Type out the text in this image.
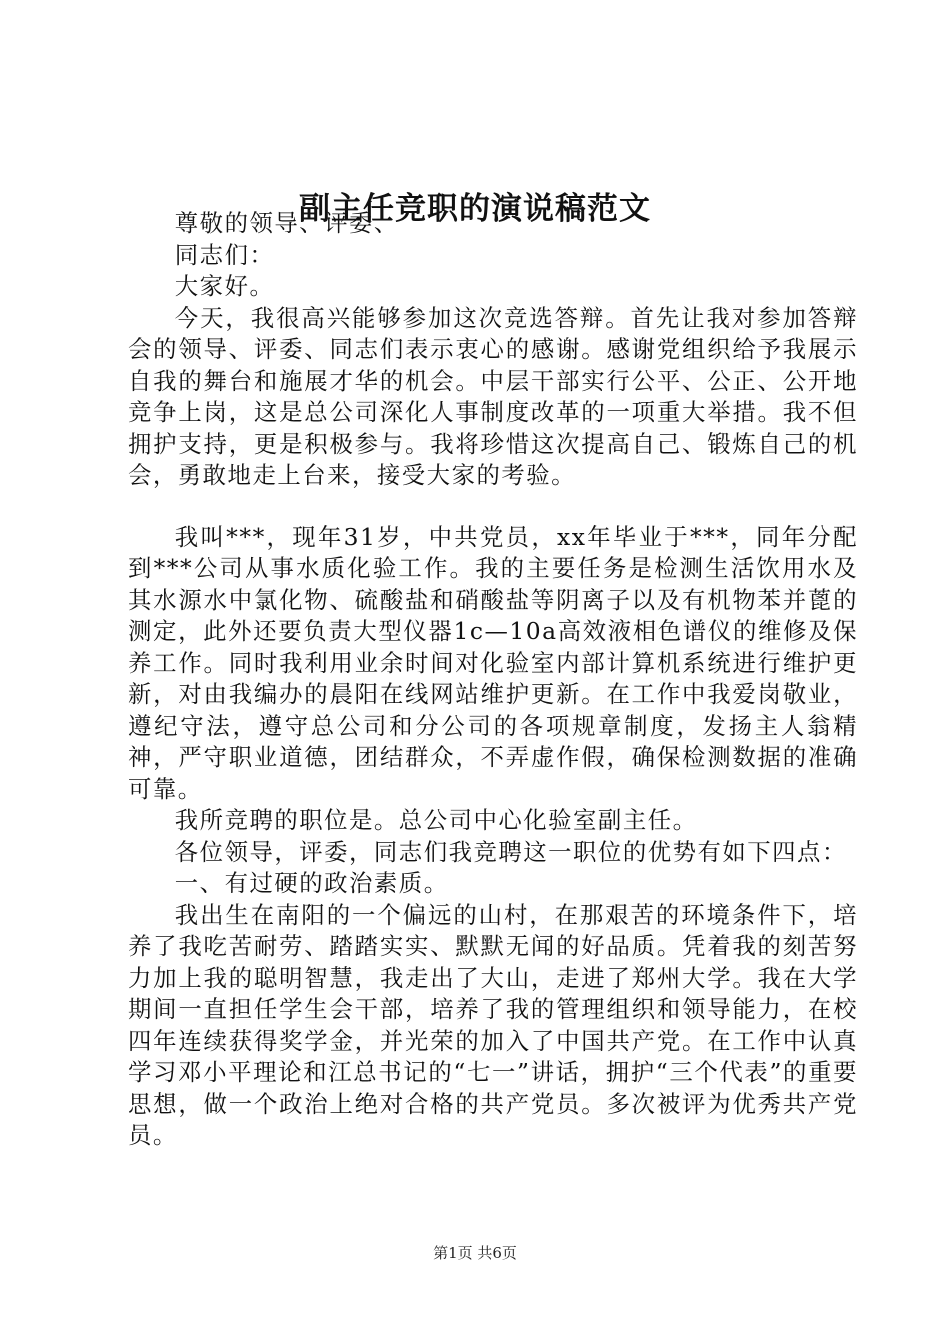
副主任竞职的演说稿范文

尊敬的领导、评委、

同志们：

大家好。

今天，我很高兴能够参加这次竞选答辩。首先让我对参加答辩会的领导、评委、同志们表示衷心的感谢。感谢党组织给予我展示自我的舞台和施展才华的机会。中层干部实行公平、公正、公开地竞争上岗，这是总公司深化人事制度改革的一项重大举措。我不但拥护支持，更是积极参与。我将珍惜这次提高自己、锻炼自己的机会，勇敢地走上台来，接受大家的考验。

我叫***，现年31岁，中共党员，xx年毕业于***，同年分配到***公司从事水质化验工作。我的主要任务是检测生活饮用水及其水源水中氯化物、硫酸盐和硝酸盐等阴离子以及有机物苯并蓖的测定，此外还要负责大型仪器1c—10a高效液相色谱仪的维修及保养工作。同时我利用业余时间对化验室内部计算机系统进行维护更新，对由我编办的晨阳在线网站维护更新。在工作中我爱岗敬业，遵纪守法，遵守总公司和分公司的各项规章制度，发扬主人翁精神，严守职业道德，团结群众，不弄虚作假，确保检测数据的准确可靠。

我所竞聘的职位是。总公司中心化验室副主任。

各位领导，评委，同志们我竞聘这一职位的优势有如下四点：

一、有过硬的政治素质。

我出生在南阳的一个偏远的山村，在那艰苦的环境条件下，培养了我吃苦耐劳、踏踏实实、默默无闻的好品质。凭着我的刻苦努力加上我的聪明智慧，我走出了大山，走进了郑州大学。我在大学期间一直担任学生会干部，培养了我的管理组织和领导能力，在校四年连续获得奖学金，并光荣的加入了中国共产党。在工作中认真学习邓小平理论和江总书记的“七一”讲话，拥护“三个代表”的重要思想，做一个政治上绝对合格的共产党员。多次被评为优秀共产党员。

第1页 共6页
